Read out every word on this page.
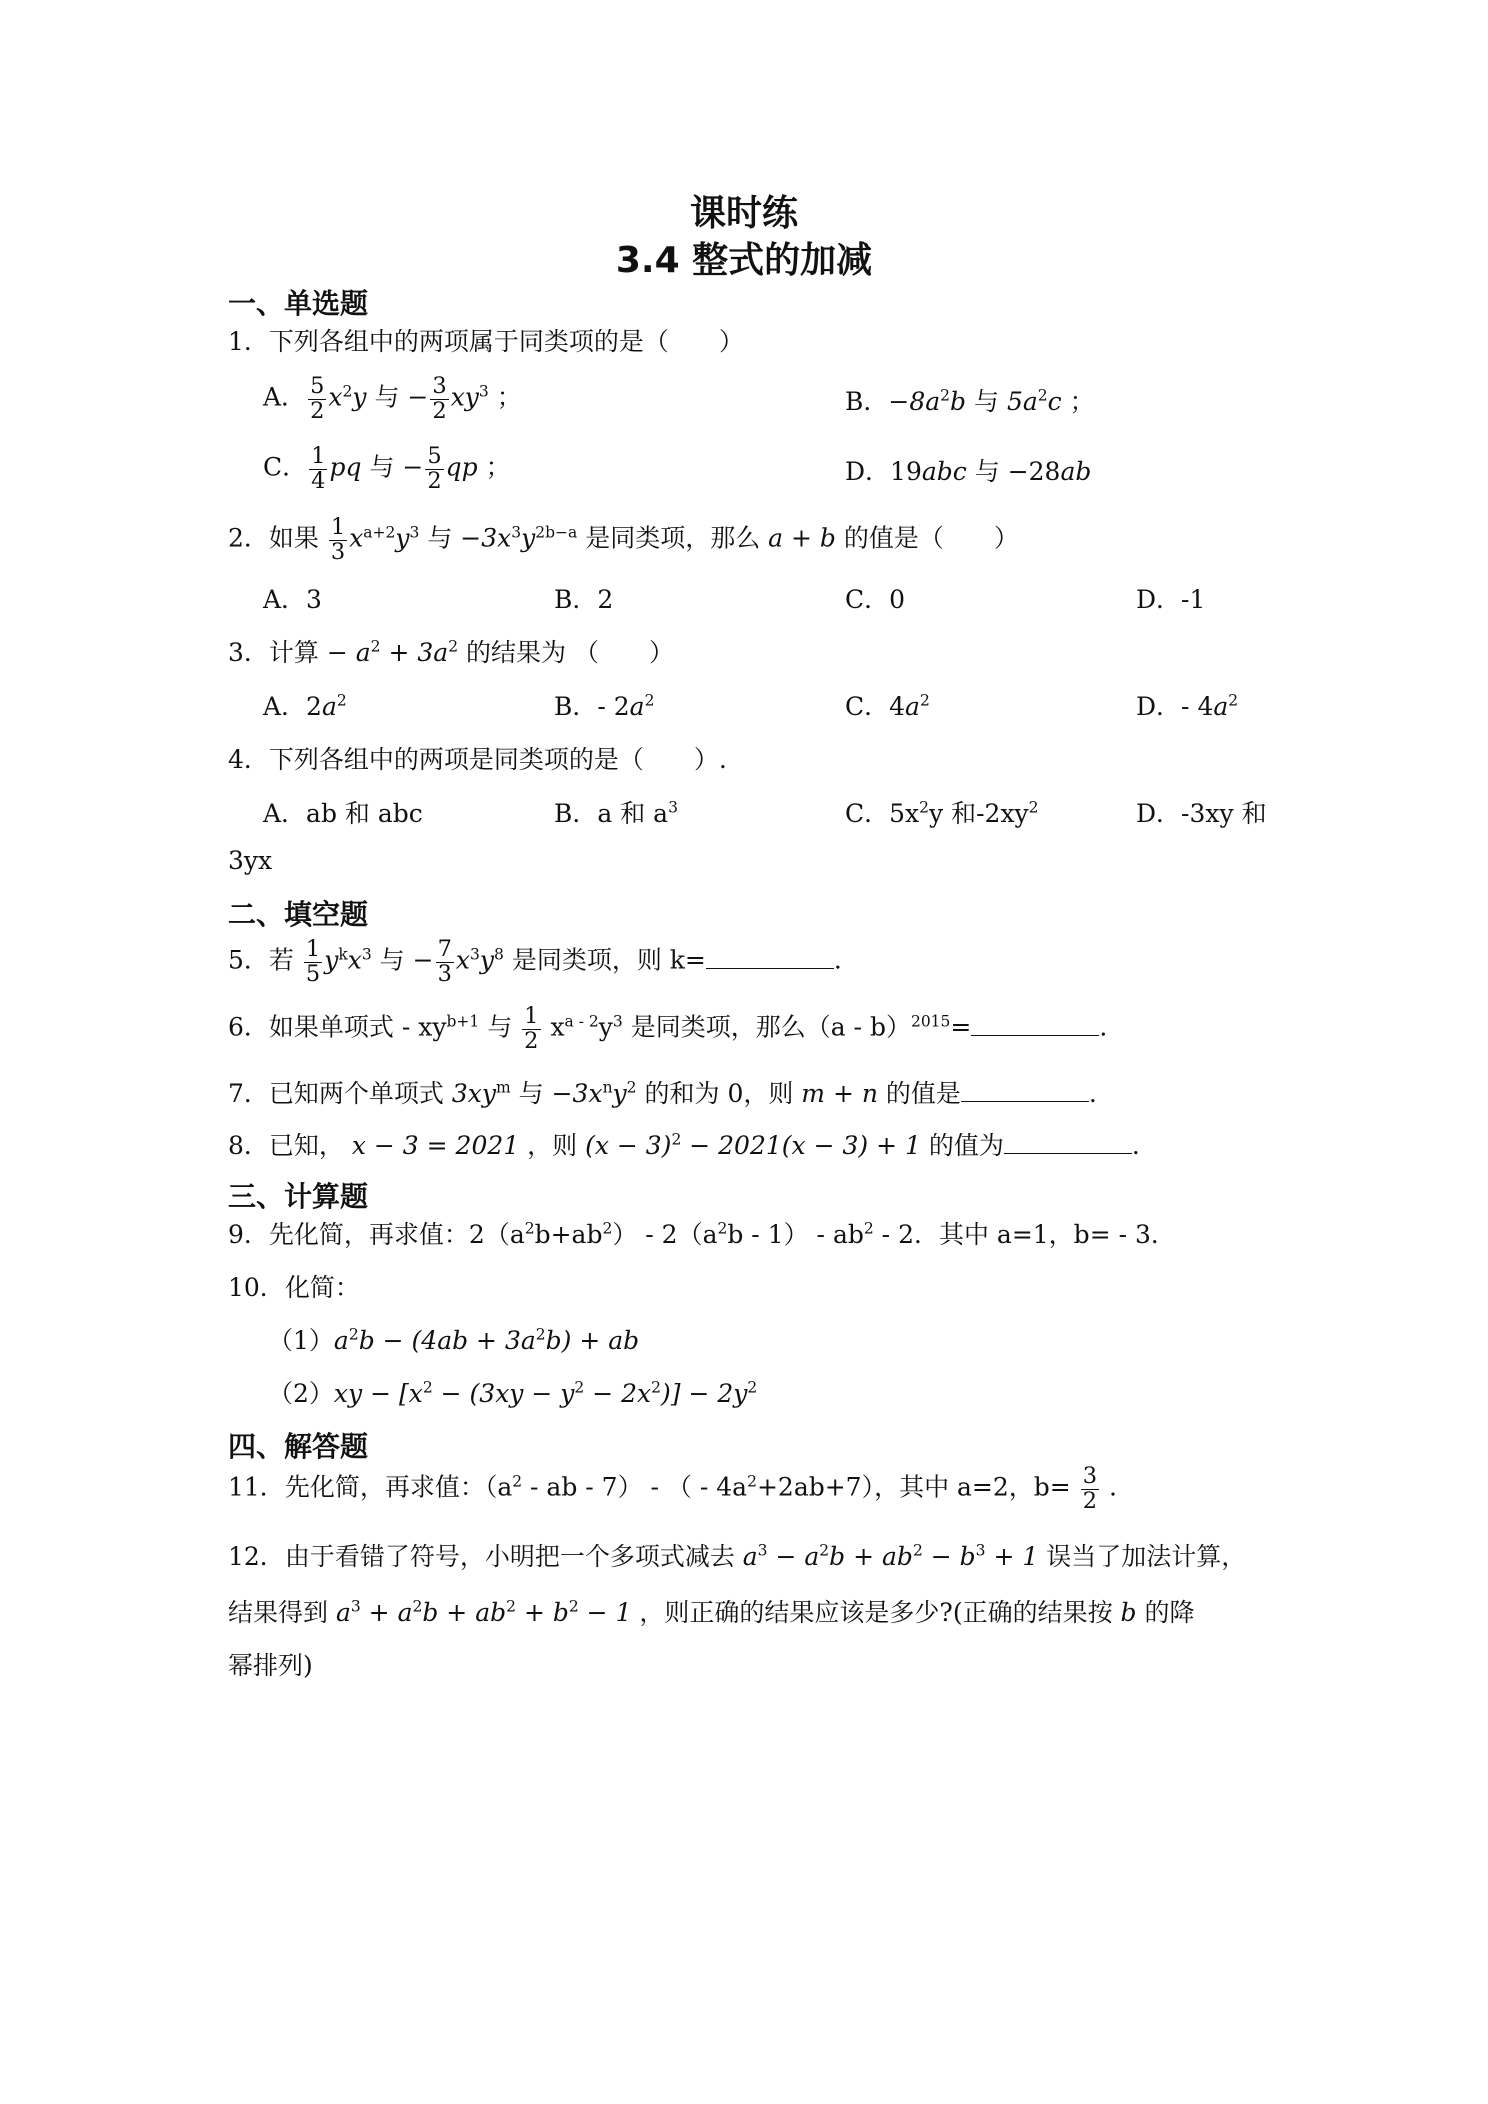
课时练
3.4 整式的加减
一、单选题
1．下列各组中的两项属于同类项的是（　　）
A． $\frac{5}{2} x^2y$ 与 − $\frac{3}{2} xy^3$ ；	B．$-8a^2b$ 与 $5a^2c$ ；
C． $\frac{1}{4}$ pq 与 − $\frac{5}{2}$ qp ；	D．19abc 与 −28ab
2．如果 $\frac{1}{3} x^{a+2}y^3$ 与 $-3x^3y^{2b-a}$ 是同类项，那么 a + b 的值是（　　）
A．3	B．2	C．0	D．-1
3．计算 − $a^2 + 3a^2$ 的结果为 （　　）
A．$2a^2$	B．- $2a^2$	C．$4a^2$	D．- $4a^2$
4．下列各组中的两项是同类项的是（　　）.
A．ab 和 abc	B．a 和 $a^3$	C．$5x^2y$ 和$-2xy^2$	D．-3xy 和
3yx
二、填空题
5．若 $\frac{1}{5} y^kx^3$ 与 − $\frac{7}{3} x^3y^8$ 是同类项，则 k=	.
6．如果单项式 - $xy^{b+1}$ 与 $\frac{1}{2} x^{a - 2}y^3$ 是同类项，那么（a - b）$^{2015}$=	.
7．已知两个单项式 $3xy^m$ 与 $-3x^ny^2$ 的和为 0，则 m + n 的值是	.
8．已知， x − 3 = 2021 ，则 $(x - 3)^2 - 2021(x - 3) + 1$ 的值为	.
三、计算题
9．先化简，再求值：$2(a^2b+ab^2) - 2(a^2b - 1) - ab^2 - 2$．其中 a=1，b= - 3．
10．化简：
$(1)a^2b - (4ab + 3a^2b)$ + ab
$(2)xy - [x^2 - (3xy - y^2 - 2x^2)] - 2y^2$
四、解答题
11．先化简，再求值：（$a^2$ - ab - 7） - （ - $4a^2+2ab+7$），其中 a=2，$b= \frac{3}{2}$ .
12．由于看错了符号，小明把一个多项式减去 $a^3 - a^2b + ab^2 - b^3 + 1$ 误当了加法计算，
结果得到 $a^3 + a^2b + ab^2 + b^2 - 1$ ，则正确的结果应该是多少?(正确的结果按 b 的降
幂排列)
